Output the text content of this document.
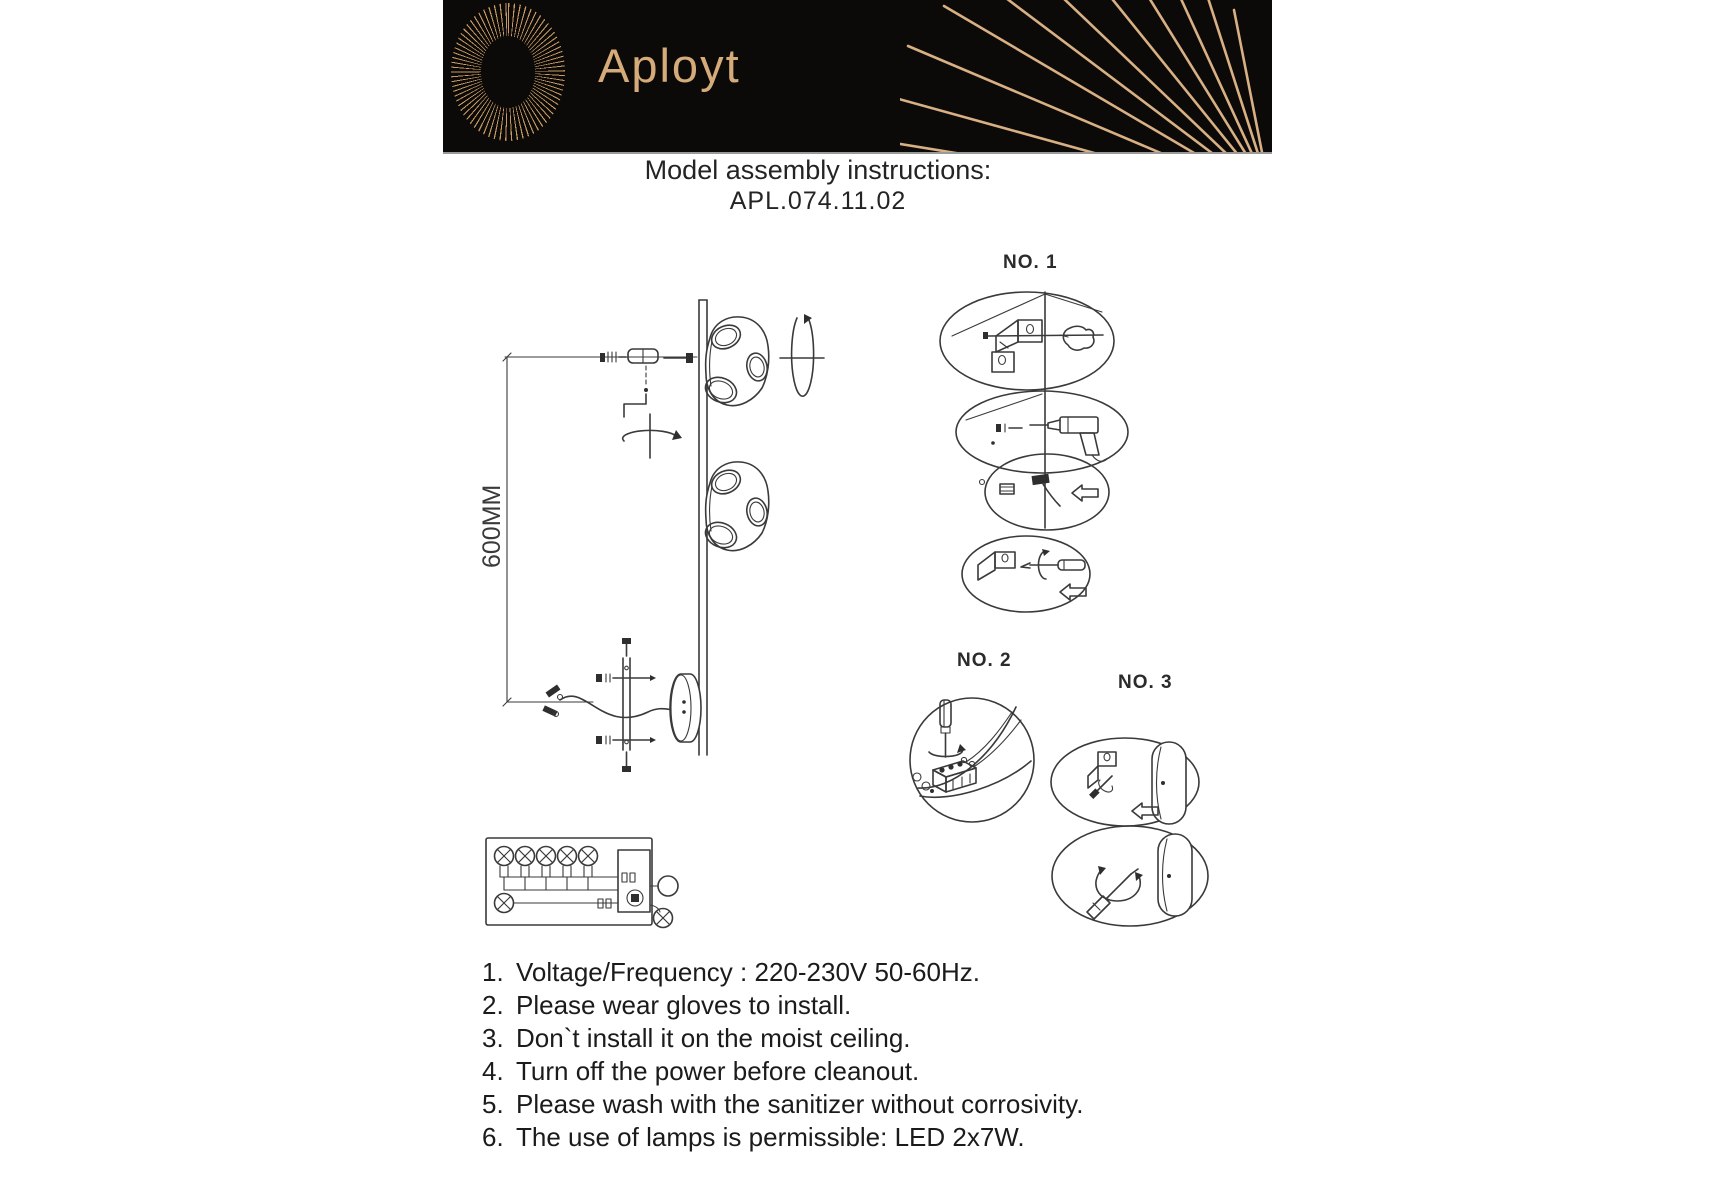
Aployt
Model assembly instructions:
APL.074.11.02
NO. 1
NO. 2
NO. 3
600MM
1. Voltage/Frequency : 220-230V 50-60Hz.
2. Please wear gloves to install.
3. Don`t install it on the moist ceiling.
4. Turn off the power before cleanout.
5. Please wash with the sanitizer without corrosivity.
6. The use of lamps is permissible: LED 2x7W.
